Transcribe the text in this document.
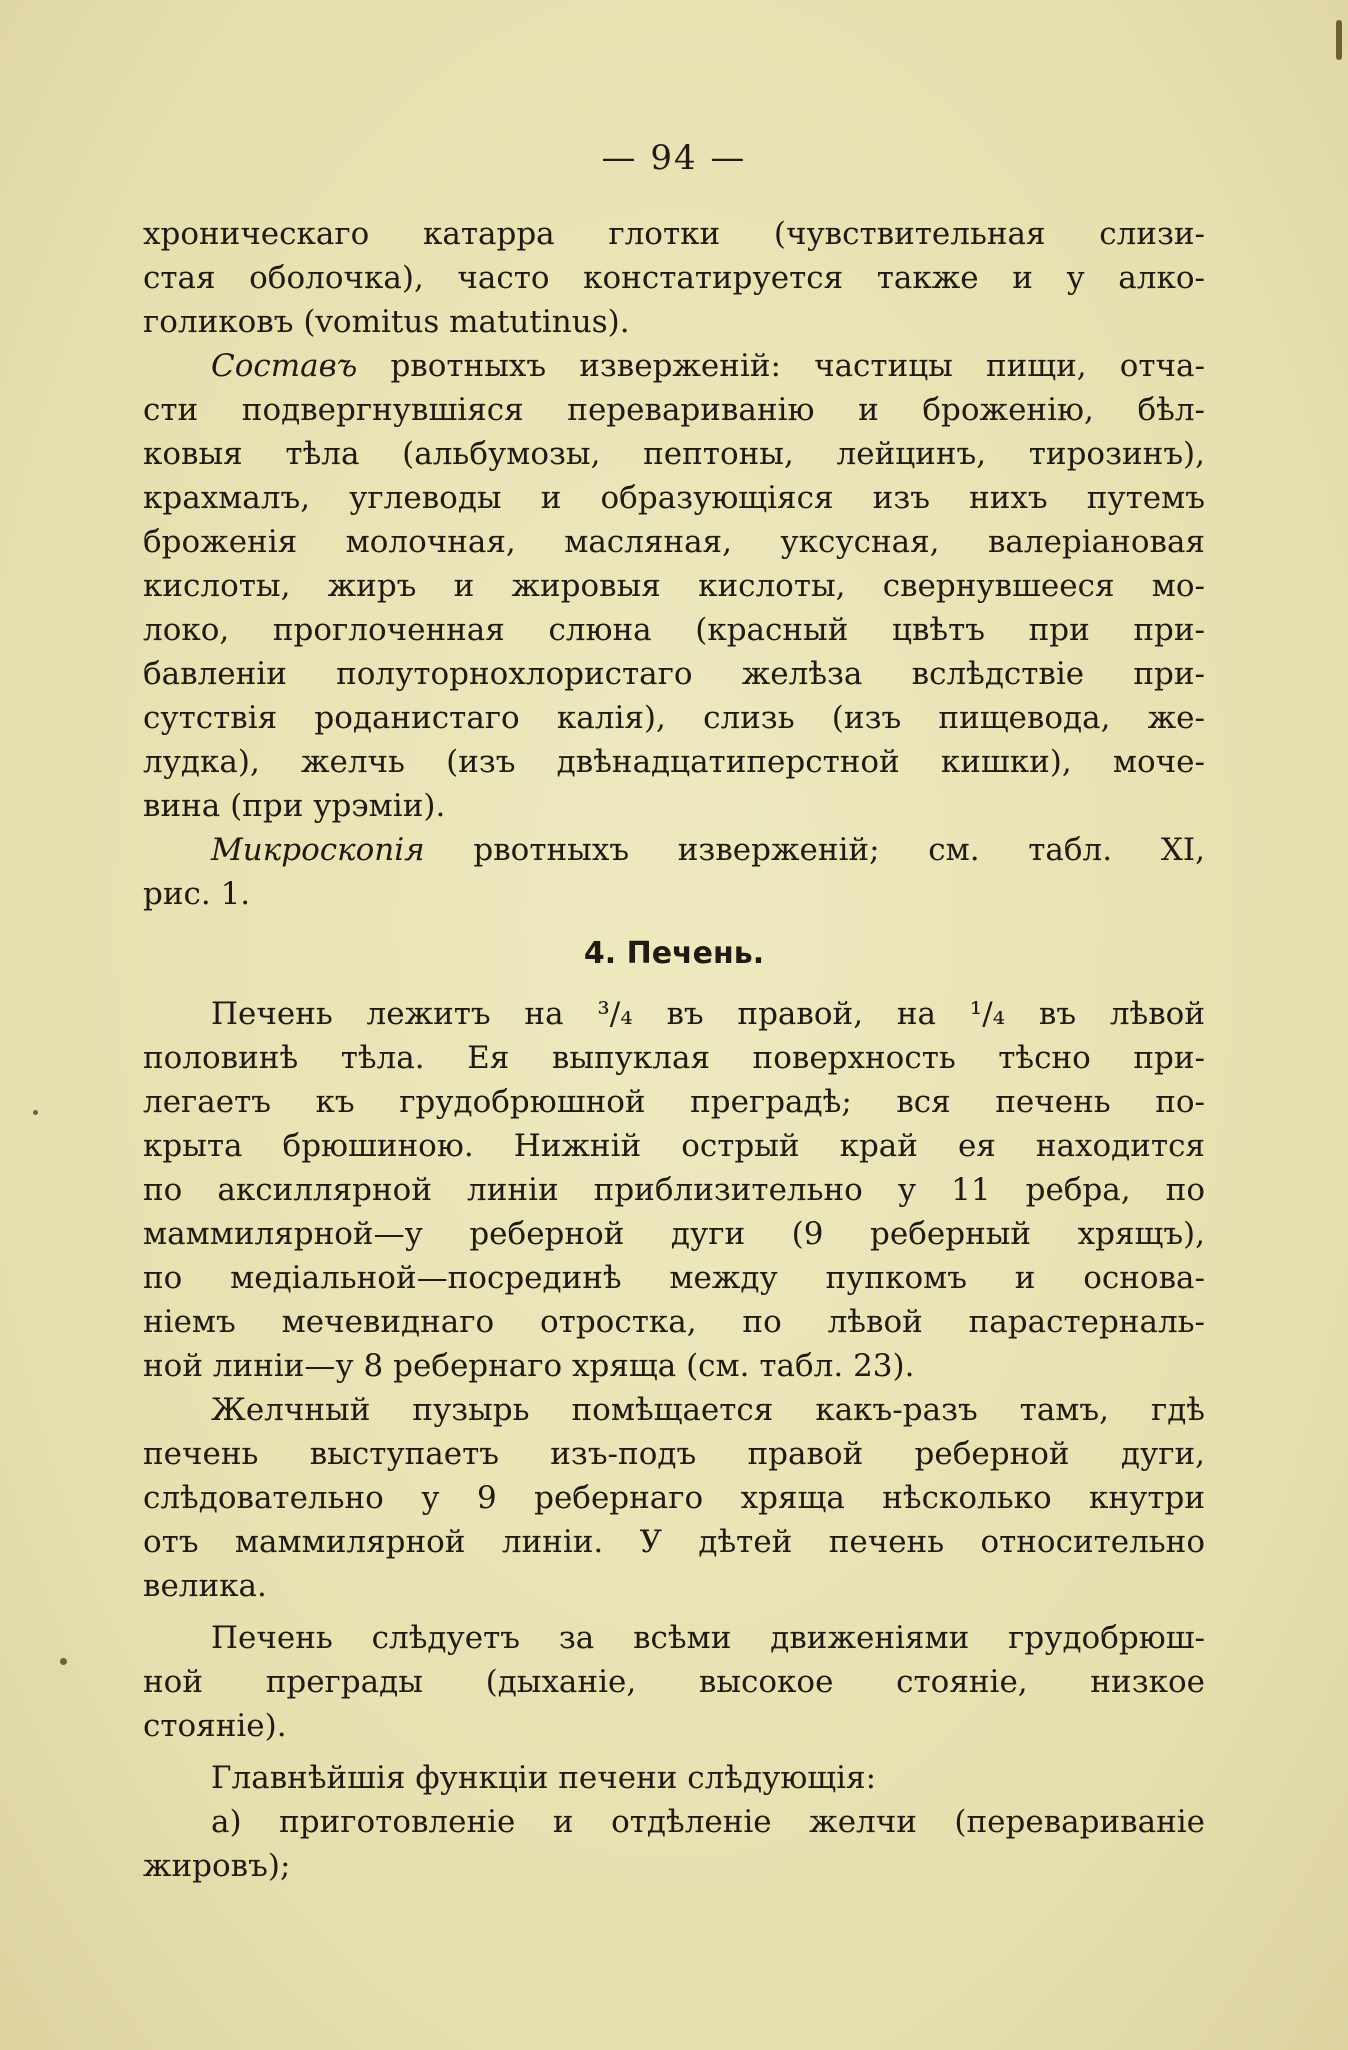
— 94 —
хроническаго катарра глотки (чувствительная слизи-
стая оболочка), часто констатируется также и у алко-
голиковъ (vomitus matutinus).
Составъ рвотныхъ изверженій: частицы пищи, отча-
сти подвергнувшіяся перевариванію и броженію, бѣл-
ковыя тѣла (альбумозы, пептоны, лейцинъ, тирозинъ),
крахмалъ, углеводы и образующіяся изъ нихъ путемъ
броженія молочная, масляная, уксусная, валеріановая
кислоты, жиръ и жировыя кислоты, свернувшееся мо-
локо, проглоченная слюна (красный цвѣтъ при при-
бавленіи полуторнохлористаго желѣза вслѣдствіе при-
сутствія роданистаго калія), слизь (изъ пищевода, же-
лудка), желчь (изъ двѣнадцатиперстной кишки), моче-
вина (при урэміи).
Микроскопія рвотныхъ изверженій; см. табл. XI,
рис. 1.
4. Печень.
Печень лежитъ на ³/₄ въ правой, на ¹/₄ въ лѣвой
половинѣ тѣла. Ея выпуклая поверхность тѣсно при-
легаетъ къ грудобрюшной преградѣ; вся печень по-
крыта брюшиною. Нижній острый край ея находится
по аксиллярной линіи приблизительно у 11 ребра, по
маммилярной—у реберной дуги (9 реберный хрящъ),
по медіальной—посрединѣ между пупкомъ и основа-
ніемъ мечевиднаго отростка, по лѣвой парастерналь-
ной линіи—у 8 ребернаго хряща (см. табл. 23).
Желчный пузырь помѣщается какъ-разъ тамъ, гдѣ
печень выступаетъ изъ-подъ правой реберной дуги,
слѣдовательно у 9 ребернаго хряща нѣсколько кнутри
отъ маммилярной линіи. У дѣтей печень относительно
велика.
Печень слѣдуетъ за всѣми движеніями грудобрюш-
ной преграды (дыханіе, высокое стояніе, низкое
стояніе).
Главнѣйшія функціи печени слѣдующія:
а) приготовленіе и отдѣленіе желчи (перевариваніе
жировъ);
